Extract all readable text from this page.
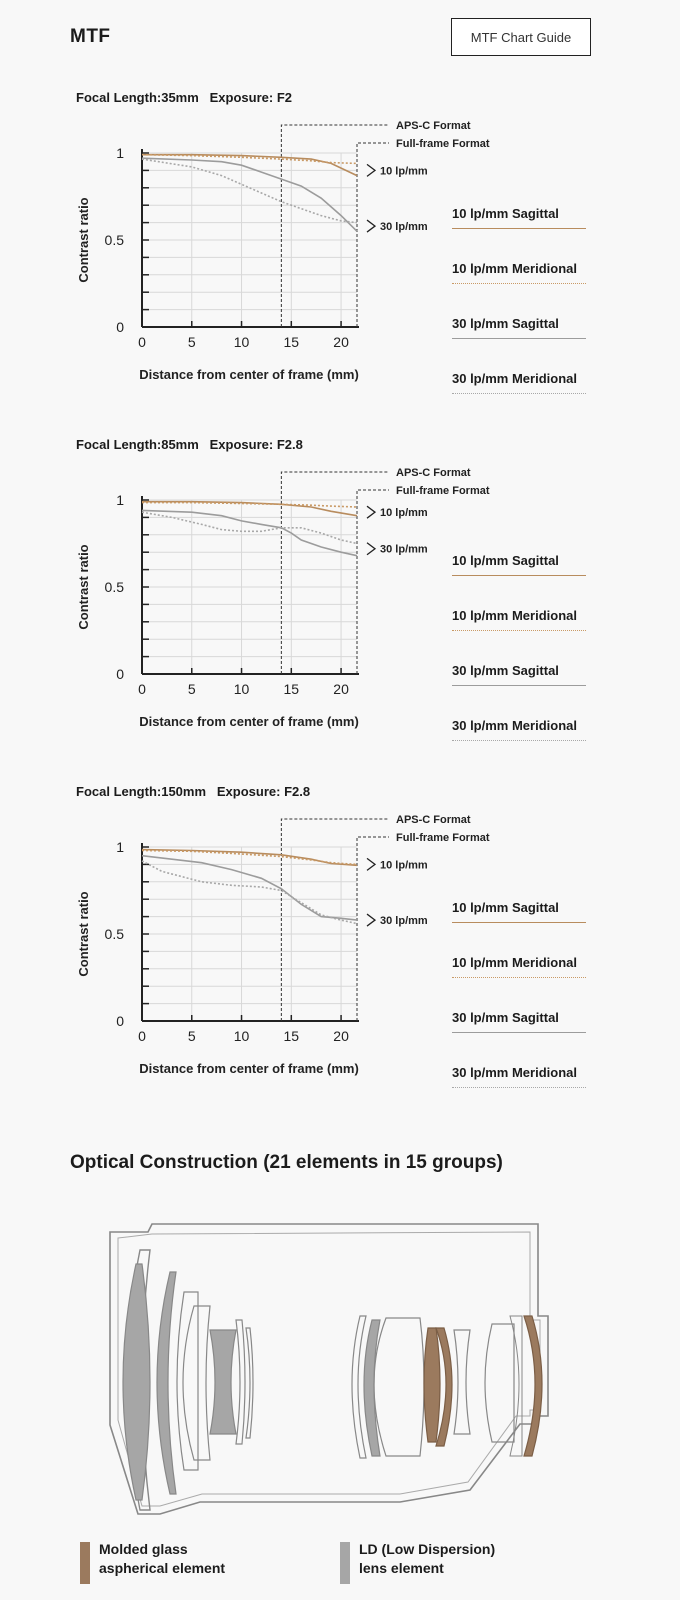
MTF	MTF Chart Guide
Focal Length:35mm Exposure: F2
0	5	10 15 20
0
0.5
1
Distance from center of frame (mm)
Contrast ratio
APS-C Format
Full-frame Format
10 lp/mm
30 lp/mm
10 lp/mm Sagittal
10 lp/mm Meridional
30 lp/mm Sagittal
30 lp/mm Meridional
Focal Length:85mm Exposure: F2.8
0	5	10 15 20
0
0.5
1
Distance from center of frame (mm)
Contrast ratio
APS-C Format
Full-frame Format
10 lp/mm
30 lp/mm
10 lp/mm Sagittal
10 lp/mm Meridional
30 lp/mm Sagittal
30 lp/mm Meridional
Focal Length:150mm Exposure: F2.8
0	5	10 15 20
0
0.5
1
Distance from center of frame (mm)
Contrast ratio
APS-C Format
Full-frame Format
10 lp/mm
30 lp/mm
10 lp/mm Sagittal
10 lp/mm Meridional
30 lp/mm Sagittal
30 lp/mm Meridional
Optical Construction (21 elements in 15 groups)
Molded glass
aspherical element
LD (Low Dispersion)
lens element
